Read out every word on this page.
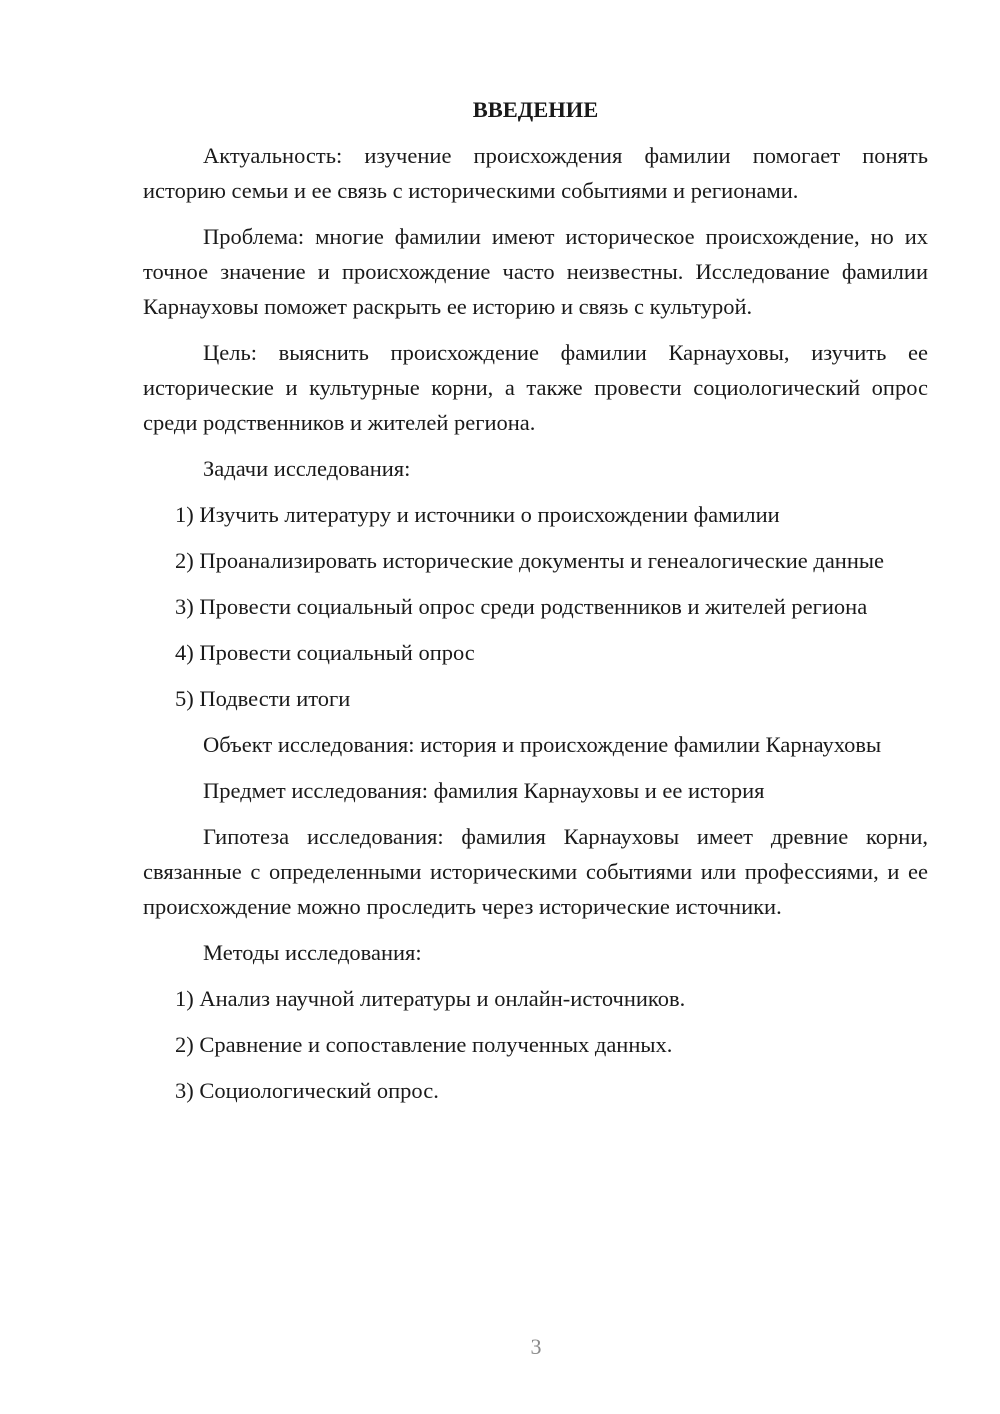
ВВЕДЕНИЕ

Актуальность: изучение происхождения фамилии помогает понять историю семьи и ее связь с историческими событиями и регионами.

Проблема: многие фамилии имеют историческое происхождение, но их точное значение и происхождение часто неизвестны. Исследование фамилии Карнауховы поможет раскрыть ее историю и связь с культурой.

Цель: выяснить происхождение фамилии Карнауховы, изучить ее исторические и культурные корни, а также провести социологический опрос среди родственников и жителей региона.

Задачи исследования:

1) Изучить литературу и источники о происхождении фамилии

2) Проанализировать исторические документы и генеалогические данные

3) Провести социальный опрос среди родственников и жителей региона

4) Провести социальный опрос

5) Подвести итоги

Объект исследования: история и происхождение фамилии Карнауховы

Предмет исследования: фамилия Карнауховы и ее история

Гипотеза исследования: фамилия Карнауховы имеет древние корни, связанные с определенными историческими событиями или профессиями, и ее происхождение можно проследить через исторические источники.

Методы исследования:

1) Анализ научной литературы и онлайн-источников.

2) Сравнение и сопоставление полученных данных.

3) Социологический опрос.

3
